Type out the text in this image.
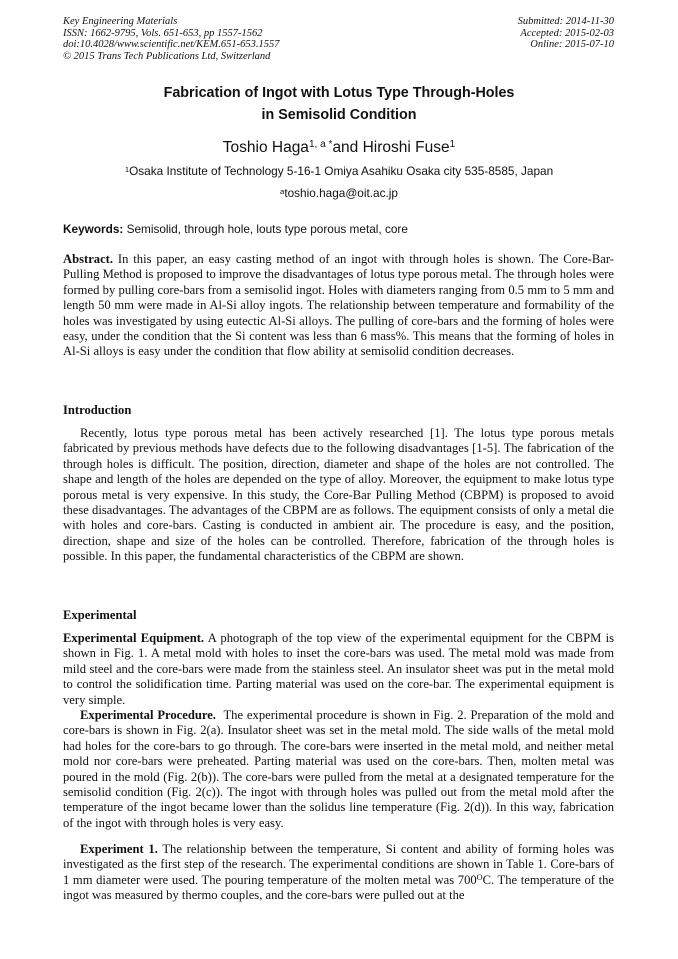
Key Engineering Materials
ISSN: 1662-9795, Vols. 651-653, pp 1557-1562
doi:10.4028/www.scientific.net/KEM.651-653.1557
© 2015 Trans Tech Publications Ltd, Switzerland
Submitted: 2014-11-30
Accepted: 2015-02-03
Online: 2015-07-10
Fabrication of Ingot with Lotus Type Through-Holes
in Semisolid Condition
Toshio Haga$^{1, a *}$and Hiroshi Fuse$^1$
$^1$Osaka Institute of Technology 5-16-1 Omiya Asahiku Osaka city 535-8585, Japan
$^a$toshio.haga@oit.ac.jp
Keywords: Semisolid, through hole, louts type porous metal, core

Abstract. In this paper, an easy casting method of an ingot with through holes is shown. The Core-Bar-Pulling Method is proposed to improve the disadvantages of lotus type porous metal. The through holes were formed by pulling core-bars from a semisolid ingot. Holes with diameters ranging from 0.5 mm to 5 mm and length 50 mm were made in Al-Si alloy ingots. The relationship between temperature and formability of the holes was investigated by using eutectic Al-Si alloys. The pulling of core-bars and the forming of holes were easy, under the condition that the Si content was less than 6 mass%. This means that the forming of holes in Al-Si alloys is easy under the condition that flow ability at semisolid condition decreases.

Introduction

Recently, lotus type porous metal has been actively researched [1]. The lotus type porous metals fabricated by previous methods have defects due to the following disadvantages [1-5]. The fabrication of the through holes is difficult. The position, direction, diameter and shape of the holes are not controlled. The shape and length of the holes are depended on the type of alloy. Moreover, the equipment to make lotus type porous metal is very expensive. In this study, the Core-Bar Pulling Method (CBPM) is proposed to avoid these disadvantages. The advantages of the CBPM are as follows. The equipment consists of only a metal die with holes and core-bars. Casting is conducted in ambient air. The procedure is easy, and the position, direction, shape and size of the holes can be controlled. Therefore, fabrication of the through holes is possible. In this paper, the fundamental characteristics of the CBPM are shown.

Experimental

Experimental Equipment. A photograph of the top view of the experimental equipment for the CBPM is shown in Fig. 1. A metal mold with holes to inset the core-bars was used. The metal mold was made from mild steel and the core-bars were made from the stainless steel. An insulator sheet was put in the metal mold to control the solidification time. Parting material was used on the core-bar. The experimental equipment is very simple.

Experimental Procedure. The experimental procedure is shown in Fig. 2. Preparation of the mold and core-bars is shown in Fig. 2(a). Insulator sheet was set in the metal mold. The side walls of the metal mold had holes for the core-bars to go through. The core-bars were inserted in the metal mold, and neither metal mold nor core-bars were preheated. Parting material was used on the core-bars. Then, molten metal was poured in the mold (Fig. 2(b)). The core-bars were pulled from the metal at a designated temperature for the semisolid condition (Fig. 2(c)). The ingot with through holes was pulled out from the metal mold after the temperature of the ingot became lower than the solidus line temperature (Fig. 2(d)). In this way, fabrication of the ingot with through holes is very easy.

Experiment 1. The relationship between the temperature, Si content and ability of forming holes was investigated as the first step of the research. The experimental conditions are shown in Table 1. Core-bars of 1 mm diameter were used. The pouring temperature of the molten metal was $700^OC$. The temperature of the ingot was measured by thermo couples, and the core-bars were pulled out at the
